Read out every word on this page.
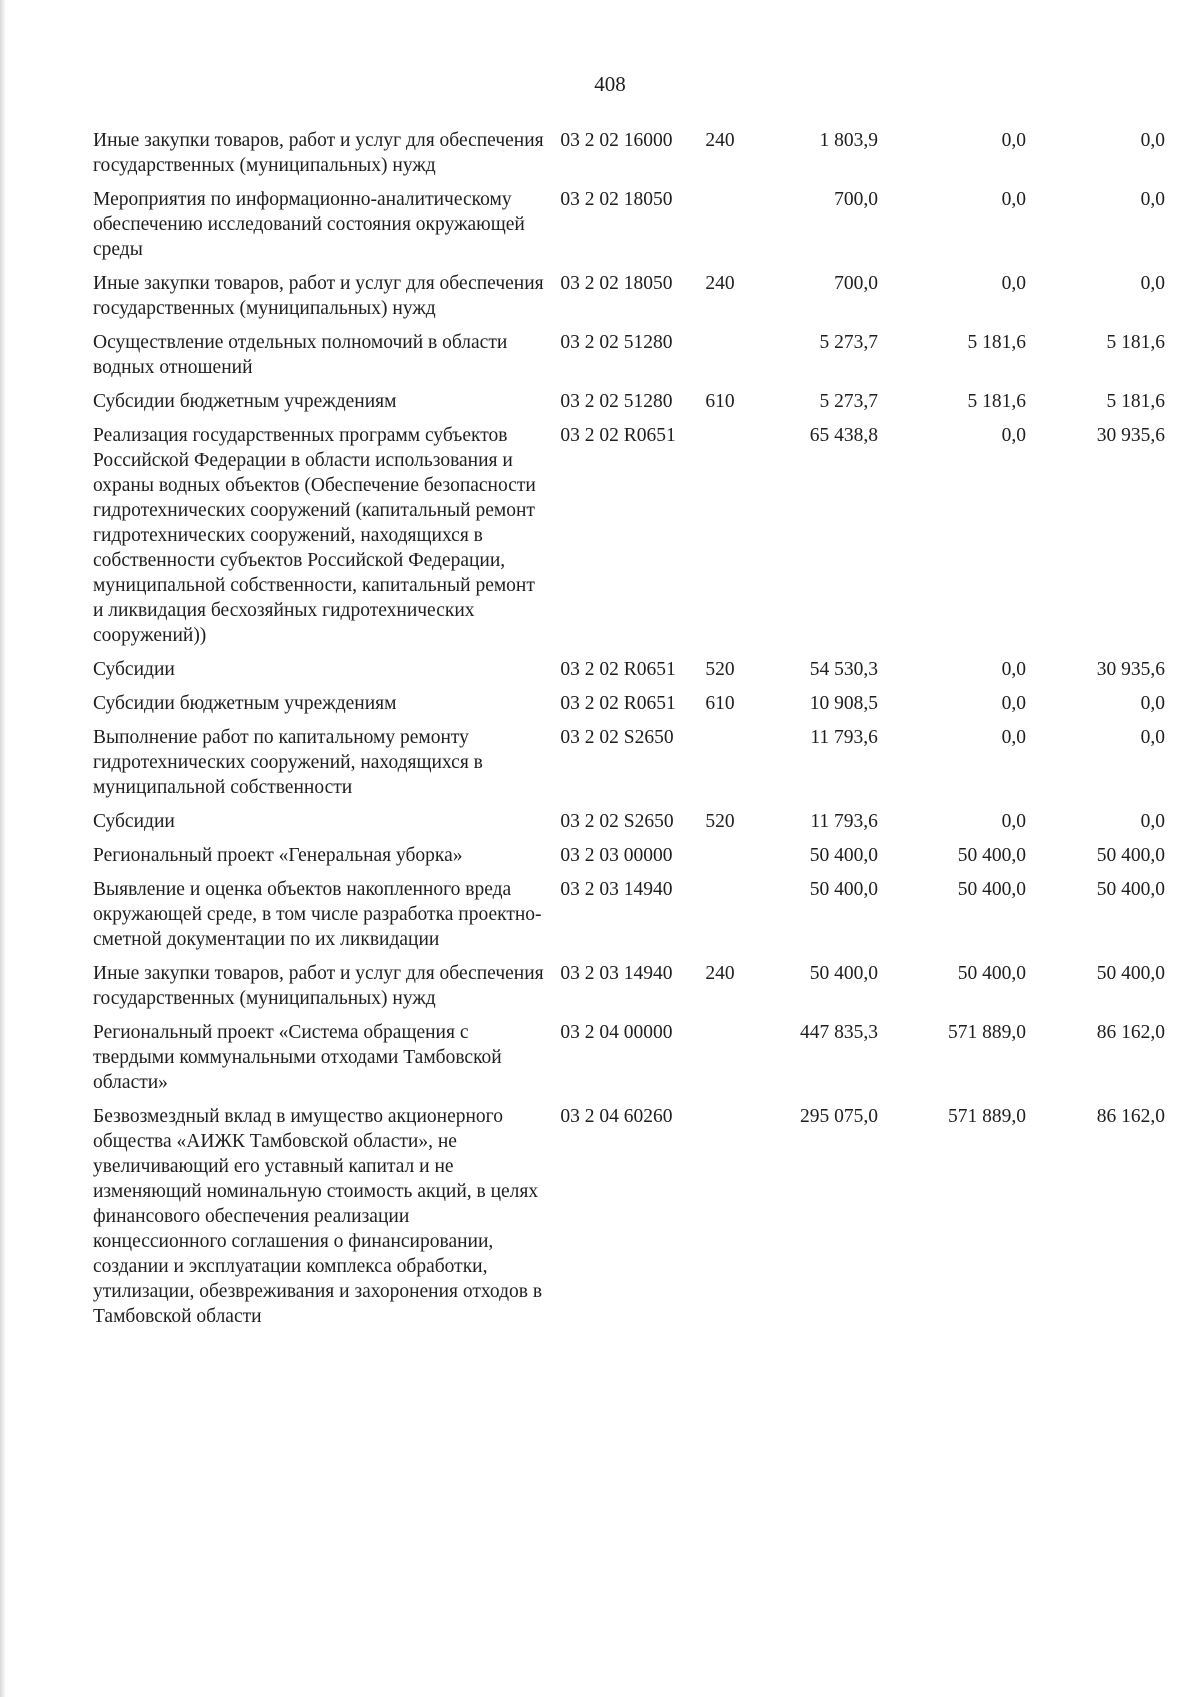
408
Иные закупки товаров, работ и услуг для обеспечения государственных (муниципальных) нужд	03 2 02 16000	240	1 803,9	0,0	0,0
Мероприятия по информационно-аналитическому обеспечению исследований состояния окружающей среды	03 2 02 18050		700,0	0,0	0,0
Иные закупки товаров, работ и услуг для обеспечения государственных (муниципальных) нужд	03 2 02 18050	240	700,0	0,0	0,0
Осуществление отдельных полномочий в области водных отношений	03 2 02 51280		5 273,7	5 181,6	5 181,6
Субсидии бюджетным учреждениям	03 2 02 51280	610	5 273,7	5 181,6	5 181,6
Реализация государственных программ субъектов Российской Федерации в области использования и охраны водных объектов (Обеспечение безопасности гидротехнических сооружений (капитальный ремонт гидротехнических сооружений, находящихся в собственности субъектов Российской Федерации, муниципальной собственности, капитальный ремонт и ликвидация бесхозяйных гидротехнических сооружений))	03 2 02 R0651		65 438,8	0,0	30 935,6
Субсидии	03 2 02 R0651	520	54 530,3	0,0	30 935,6
Субсидии бюджетным учреждениям	03 2 02 R0651	610	10 908,5	0,0	0,0
Выполнение работ по капитальному ремонту гидротехнических сооружений, находящихся в муниципальной собственности	03 2 02 S2650		11 793,6	0,0	0,0
Субсидии	03 2 02 S2650	520	11 793,6	0,0	0,0
Региональный проект «Генеральная уборка»	03 2 03 00000		50 400,0	50 400,0	50 400,0
Выявление и оценка объектов накопленного вреда окружающей среде, в том числе разработка проектно-сметной документации по их ликвидации	03 2 03 14940		50 400,0	50 400,0	50 400,0
Иные закупки товаров, работ и услуг для обеспечения государственных (муниципальных) нужд	03 2 03 14940	240	50 400,0	50 400,0	50 400,0
Региональный проект «Система обращения с твердыми коммунальными отходами Тамбовской области»	03 2 04 00000		447 835,3	571 889,0	86 162,0
Безвозмездный вклад в имущество акционерного общества «АИЖК Тамбовской области», не увеличивающий его уставный капитал и не изменяющий номинальную стоимость акций, в целях финансового обеспечения реализации концессионного соглашения о финансировании, создании и эксплуатации комплекса обработки, утилизации, обезвреживания и захоронения отходов в Тамбовской области	03 2 04 60260		295 075,0	571 889,0	86 162,0
